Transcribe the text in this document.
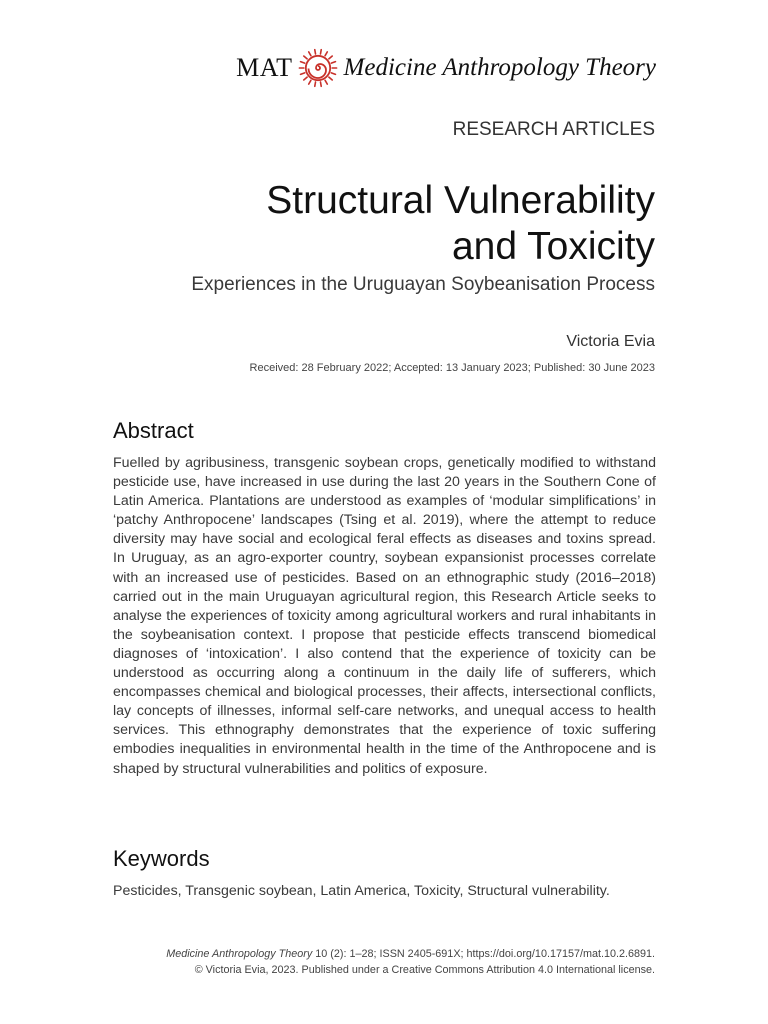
MAT Medicine Anthropology Theory
RESEARCH ARTICLES
Structural Vulnerability
and Toxicity
Experiences in the Uruguayan Soybeanisation Process
Victoria Evia
Received: 28 February 2022; Accepted: 13 January 2023; Published: 30 June 2023
Abstract

Fuelled by agribusiness, transgenic soybean crops, genetically modified to withstand pesticide use, have increased in use during the last 20 years in the Southern Cone of Latin America. Plantations are understood as examples of ‘modular simplifications’ in ‘patchy Anthropocene’ landscapes (Tsing et al. 2019), where the attempt to reduce diversity may have social and ecological feral effects as diseases and toxins spread. In Uruguay, as an agro-exporter country, soybean expansionist processes correlate with an increased use of pesticides. Based on an ethnographic study (2016–2018) carried out in the main Uruguayan agricultural region, this Research Article seeks to analyse the experiences of toxicity among agricultural workers and rural inhabitants in the soybeanisation context. I propose that pesticide effects transcend biomedical diagnoses of ‘intoxication’. I also contend that the experience of toxicity can be understood as occurring along a continuum in the daily life of sufferers, which encompasses chemical and biological processes, their affects, intersectional conflicts, lay concepts of illnesses, informal self-care networks, and unequal access to health services. This ethnography demonstrates that the experience of toxic suffering embodies inequalities in environmental health in the time of the Anthropocene and is shaped by structural vulnerabilities and politics of exposure.

Keywords

Pesticides, Transgenic soybean, Latin America, Toxicity, Structural vulnerability.

Medicine Anthropology Theory 10 (2): 1–28; ISSN 2405-691X; https://doi.org/10.17157/mat.10.2.6891.
© Victoria Evia, 2023. Published under a Creative Commons Attribution 4.0 International license.
